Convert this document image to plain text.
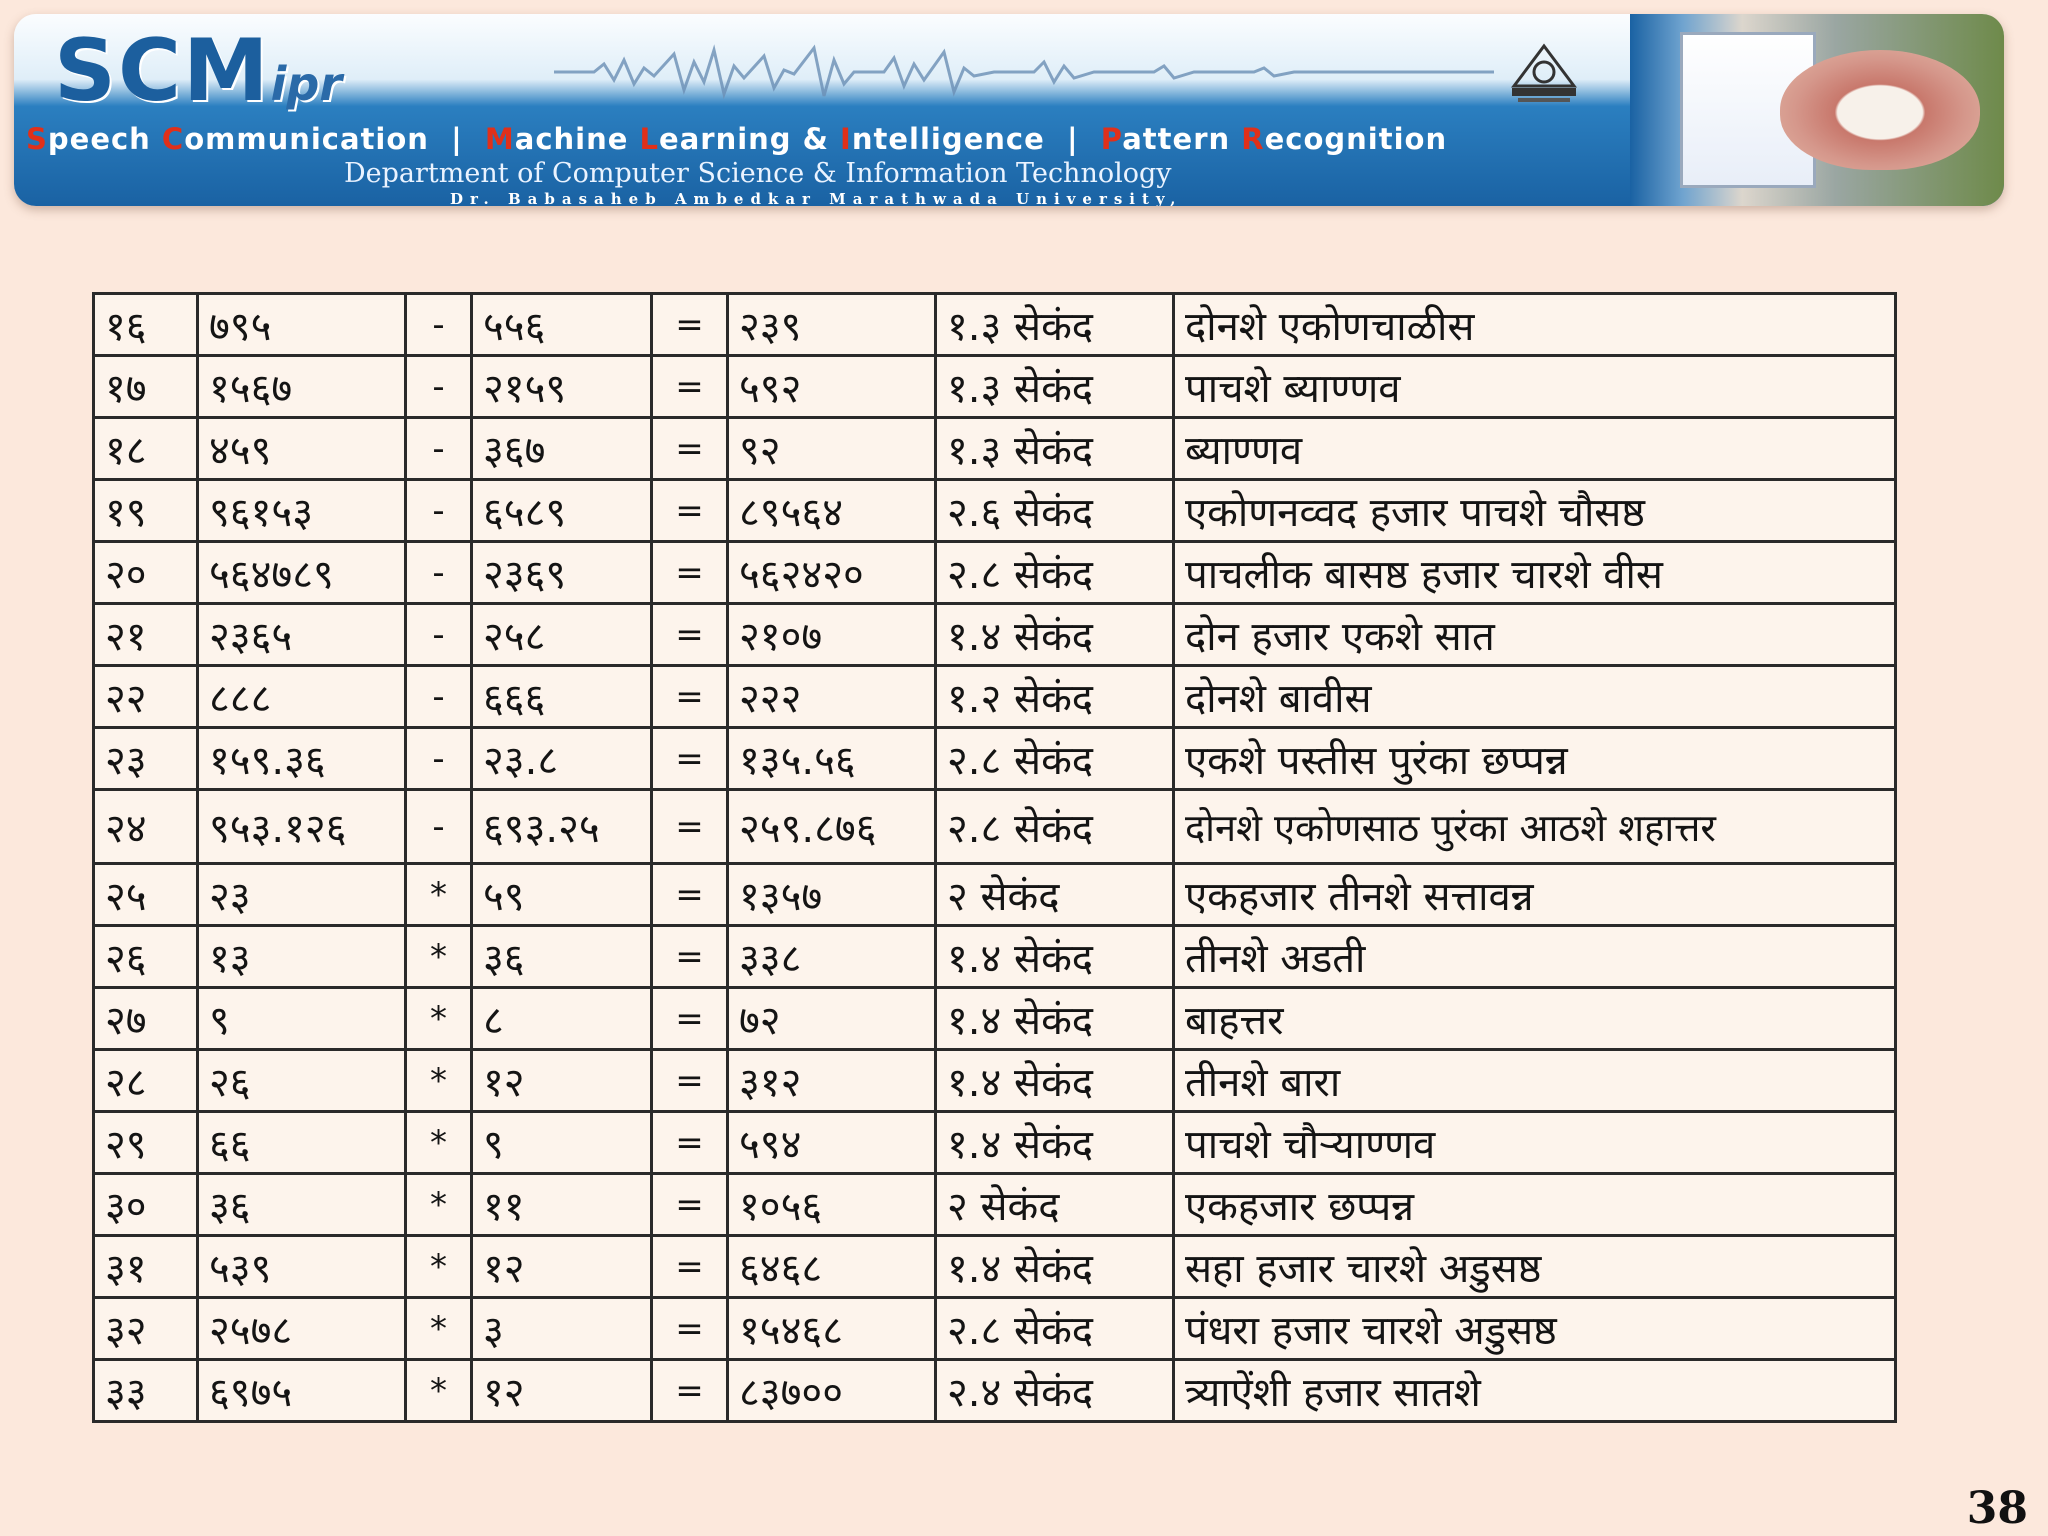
SCMipr
Speech Communication  |  Machine Learning & Intelligence  |  Pattern Recognition
Department of Computer Science & Information Technology
Dr. Babasaheb Ambedkar Marathwada University,
१६	७९५	-	५५६	=	२३९	१.३ सेकंद	दोनशे एकोणचाळीस
१७	१५६७	-	२१५९	=	५९२	१.३ सेकंद	पाचशे ब्याण्णव
१८	४५९	-	३६७	=	९२	१.३ सेकंद	ब्याण्णव
१९	९६१५३	-	६५८९	=	८९५६४	२.६ सेकंद	एकोणनव्वद हजार पाचशे चौसष्ठ
२०	५६४७८९	-	२३६९	=	५६२४२०	२.८ सेकंद	पाचलीक बासष्ठ हजार चारशे वीस
२१	२३६५	-	२५८	=	२१०७	१.४ सेकंद	दोन हजार एकशे सात
२२	८८८	-	६६६	=	२२२	१.२ सेकंद	दोनशे बावीस
२३	१५९.३६	-	२३.८	=	१३५.५६	२.८ सेकंद	एकशे पस्तीस पुरंका छप्पन्न
२४	९५३.१२६	-	६९३.२५	=	२५९.८७६	२.८ सेकंद	दोनशे एकोणसाठ पुरंका आठशे शहात्तर
२५	२३	*	५९	=	१३५७	२ सेकंद	एकहजार तीनशे सत्तावन्न
२६	१३	*	३६	=	३३८	१.४ सेकंद	तीनशे अडती
२७	९	*	८	=	७२	१.४ सेकंद	बाहत्तर
२८	२६	*	१२	=	३१२	१.४ सेकंद	तीनशे बारा
२९	६६	*	९	=	५९४	१.४ सेकंद	पाचशे चौऱ्याण्णव
३०	३६	*	११	=	१०५६	२ सेकंद	एकहजार छप्पन्न
३१	५३९	*	१२	=	६४६८	१.४ सेकंद	सहा हजार चारशे अडुसष्ठ
३२	२५७८	*	३	=	१५४६८	२.८ सेकंद	पंधरा हजार चारशे अडुसष्ठ
३३	६९७५	*	१२	=	८३७००	२.४ सेकंद	त्र्याऐंशी हजार सातशे
38
